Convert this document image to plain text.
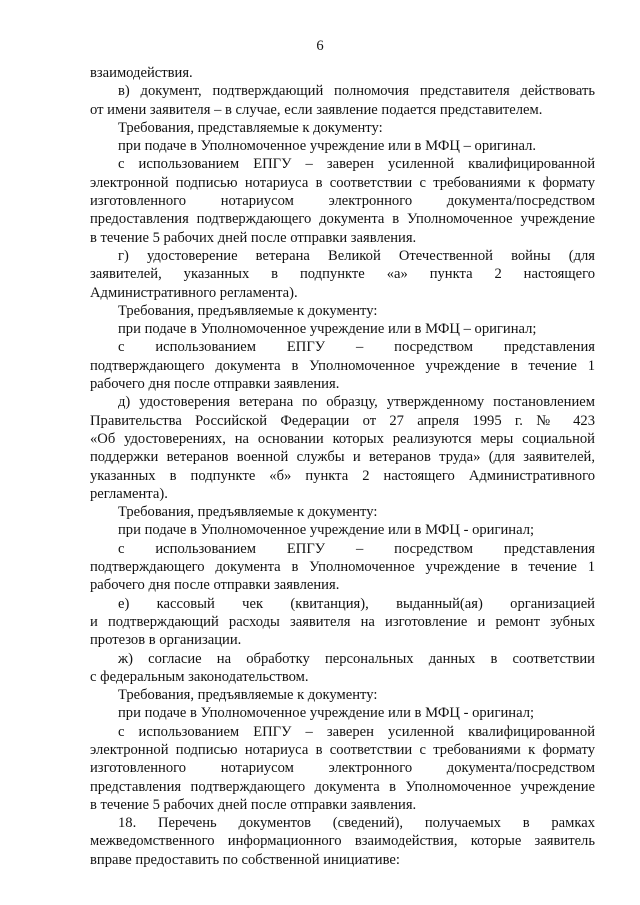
6
взаимодействия.
в) документ, подтверждающий полномочия представителя действовать
от имени заявителя – в случае, если заявление подается представителем.
Требования, представляемые к документу:
при подаче в Уполномоченное учреждение или в МФЦ – оригинал.
с использованием ЕПГУ – заверен усиленной квалифицированной
электронной подписью нотариуса в соответствии с требованиями к формату
изготовленного нотариусом электронного документа/посредством
предоставления подтверждающего документа в Уполномоченное учреждение
в течение 5 рабочих дней после отправки заявления.
г) удостоверение ветерана Великой Отечественной войны (для
заявителей, указанных в подпункте «а» пункта 2 настоящего
Административного регламента).
Требования, предъявляемые к документу:
при подаче в Уполномоченное учреждение или в МФЦ – оригинал;
с использованием ЕПГУ – посредством представления
подтверждающего документа в Уполномоченное учреждение в течение 1
рабочего дня после отправки заявления.
д) удостоверения ветерана по образцу, утвержденному постановлением
Правительства Российской Федерации от 27 апреля 1995 г. № 423
«Об удостоверениях, на основании которых реализуются меры социальной
поддержки ветеранов военной службы и ветеранов труда» (для заявителей,
указанных в подпункте «б» пункта 2 настоящего Административного
регламента).
Требования, предъявляемые к документу:
при подаче в Уполномоченное учреждение или в МФЦ - оригинал;
с использованием ЕПГУ – посредством представления
подтверждающего документа в Уполномоченное учреждение в течение 1
рабочего дня после отправки заявления.
е) кассовый чек (квитанция), выданный(ая) организацией
и подтверждающий расходы заявителя на изготовление и ремонт зубных
протезов в организации.
ж) согласие на обработку персональных данных в соответствии
с федеральным законодательством.
Требования, предъявляемые к документу:
при подаче в Уполномоченное учреждение или в МФЦ - оригинал;
с использованием ЕПГУ – заверен усиленной квалифицированной
электронной подписью нотариуса в соответствии с требованиями к формату
изготовленного нотариусом электронного документа/посредством
представления подтверждающего документа в Уполномоченное учреждение
в течение 5 рабочих дней после отправки заявления.
18. Перечень документов (сведений), получаемых в рамках
межведомственного информационного взаимодействия, которые заявитель
вправе предоставить по собственной инициативе:
